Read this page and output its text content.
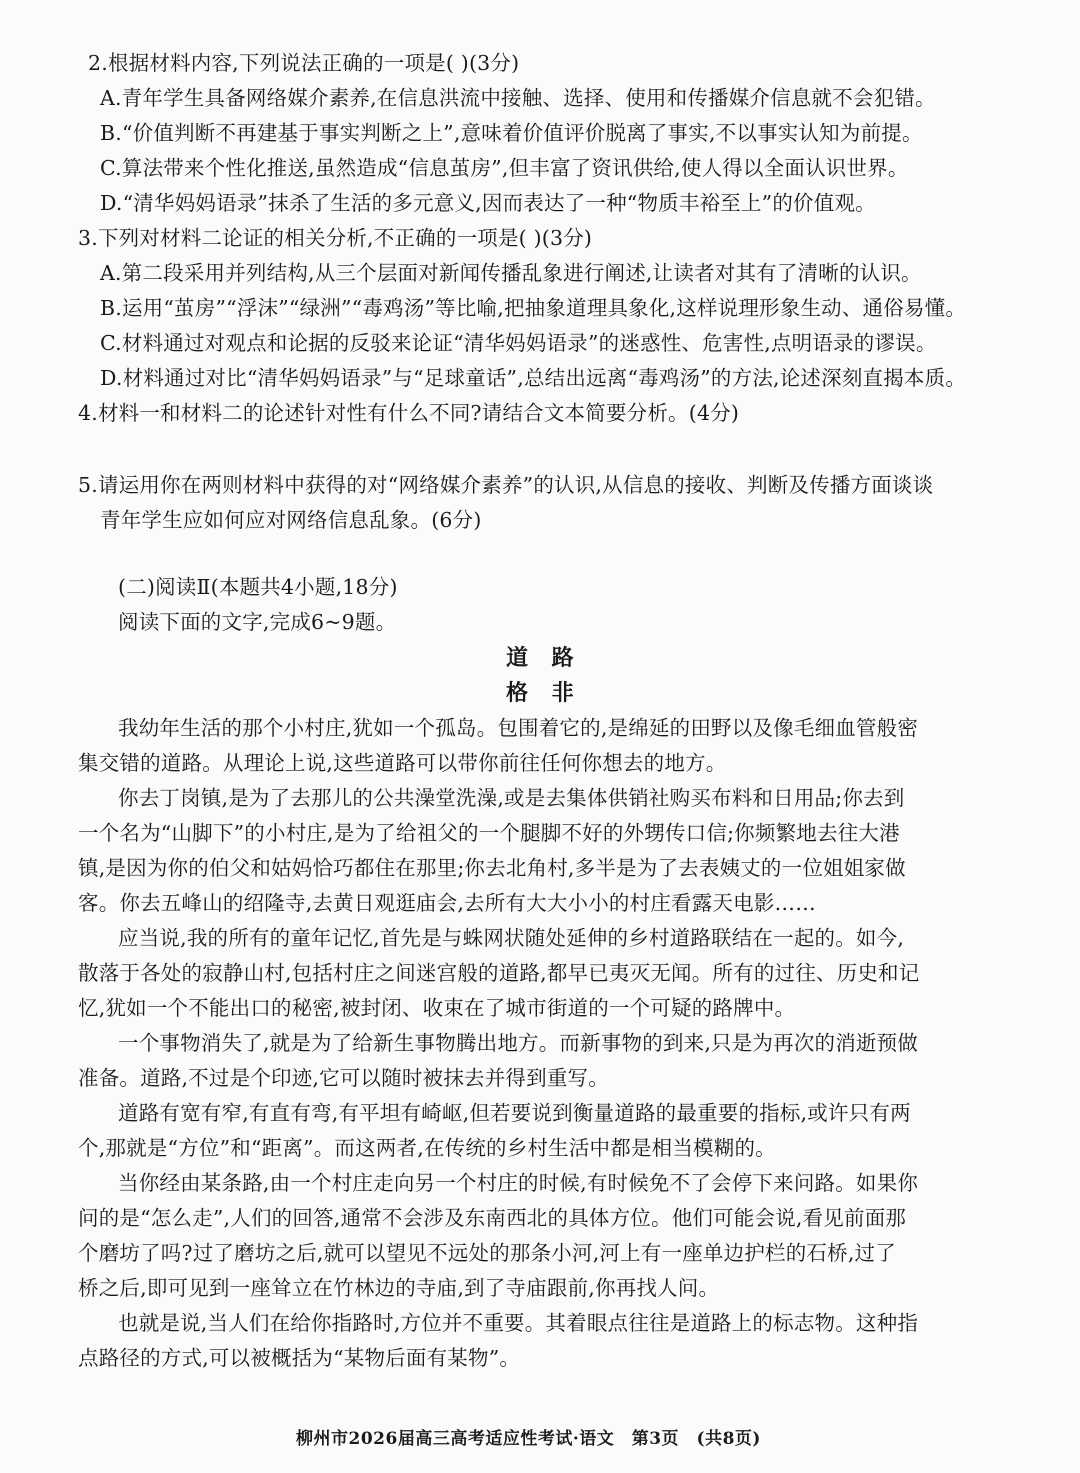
2.根据材料内容,下列说法正确的一项是( )(3分)
A.青年学生具备网络媒介素养,在信息洪流中接触、选择、使用和传播媒介信息就不会犯错。
B.“价值判断不再建基于事实判断之上”,意味着价值评价脱离了事实,不以事实认知为前提。
C.算法带来个性化推送,虽然造成“信息茧房”,但丰富了资讯供给,使人得以全面认识世界。
D.“清华妈妈语录”抹杀了生活的多元意义,因而表达了一种“物质丰裕至上”的价值观。
3.下列对材料二论证的相关分析,不正确的一项是( )(3分)
A.第二段采用并列结构,从三个层面对新闻传播乱象进行阐述,让读者对其有了清晰的认识。
B.运用“茧房”“浮沫”“绿洲”“毒鸡汤”等比喻,把抽象道理具象化,这样说理形象生动、通俗易懂。
C.材料通过对观点和论据的反驳来论证“清华妈妈语录”的迷惑性、危害性,点明语录的谬误。
D.材料通过对比“清华妈妈语录”与“足球童话”,总结出远离“毒鸡汤”的方法,论述深刻直揭本质。
4.材料一和材料二的论述针对性有什么不同?请结合文本简要分析。(4分)
5.请运用你在两则材料中获得的对“网络媒介素养”的认识,从信息的接收、判断及传播方面谈谈
青年学生应如何应对网络信息乱象。(6分)
(二)阅读Ⅱ(本题共4小题,18分)
阅读下面的文字,完成6~9题。
道 路
格 非
我幼年生活的那个小村庄,犹如一个孤岛。包围着它的,是绵延的田野以及像毛细血管般密
集交错的道路。从理论上说,这些道路可以带你前往任何你想去的地方。
你去丁岗镇,是为了去那儿的公共澡堂洗澡,或是去集体供销社购买布料和日用品;你去到
一个名为“山脚下”的小村庄,是为了给祖父的一个腿脚不好的外甥传口信;你频繁地去往大港
镇,是因为你的伯父和姑妈恰巧都住在那里;你去北角村,多半是为了去表姨丈的一位姐姐家做
客。你去五峰山的绍隆寺,去黄日观逛庙会,去所有大大小小的村庄看露天电影……
应当说,我的所有的童年记忆,首先是与蛛网状随处延伸的乡村道路联结在一起的。如今,
散落于各处的寂静山村,包括村庄之间迷宫般的道路,都早已夷灭无闻。所有的过往、历史和记
忆,犹如一个不能出口的秘密,被封闭、收束在了城市街道的一个可疑的路牌中。
一个事物消失了,就是为了给新生事物腾出地方。而新事物的到来,只是为再次的消逝预做
准备。道路,不过是个印迹,它可以随时被抹去并得到重写。
道路有宽有窄,有直有弯,有平坦有崎岖,但若要说到衡量道路的最重要的指标,或许只有两
个,那就是“方位”和“距离”。而这两者,在传统的乡村生活中都是相当模糊的。
当你经由某条路,由一个村庄走向另一个村庄的时候,有时候免不了会停下来问路。如果你
问的是“怎么走”,人们的回答,通常不会涉及东南西北的具体方位。他们可能会说,看见前面那
个磨坊了吗?过了磨坊之后,就可以望见不远处的那条小河,河上有一座单边护栏的石桥,过了
桥之后,即可见到一座耸立在竹林边的寺庙,到了寺庙跟前,你再找人问。
也就是说,当人们在给你指路时,方位并不重要。其着眼点往往是道路上的标志物。这种指
点路径的方式,可以被概括为“某物后面有某物”。
柳州市2026届高三高考适应性考试·语文　第3页　(共8页)
